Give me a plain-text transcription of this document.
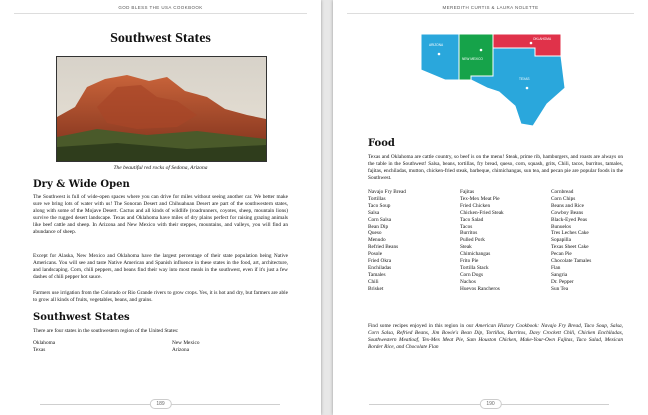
GOD BLESS THE USA COOKBOOK
Southwest States
The beautiful red rocks of Sedona, Arizona
Dry & Wide Open

The Southwest is full of wide-open spaces where you can drive for miles without seeing another car. We better make sure we bring lots of water with us! The Sonoran Desert and Chihuahuan Desert are part of the southwestern states, along with some of the Mojave Desert. Cactus and all kinds of wildlife (roadrunners, coyotes, sheep, mountain lions) survive the rugged desert landscape. Texas and Oklahoma have miles of dry plains perfect for raising grazing animals like beef cattle and sheep. In Arizona and New Mexico with their steppes, mountains, and valleys, you will find an abundance of sheep.

Except for Alaska, New Mexico and Oklahoma have the largest percentage of their state population being Native Americans. You will see and taste Native American and Spanish influence in these states in the food, art, architecture, and landscaping. Corn, chili peppers, and beans find their way into most meals in the southwest, even if it's just a few dashes of chili pepper hot sauce.

Farmers use irrigation from the Colorado or Rio Grande rivers to grow crops. Yes, it is hot and dry, but farmers are able to grow all kinds of fruits, vegetables, beans, and grains.

Southwest States

There are four states in the southwestern region of the United States:

Oklahoma
Texas
New Mexico
Arizona
189
MEREDITH CURTIS & LAURA NOLETTE
ARIZONA
NEW MEXICO
OKLAHOMA
TEXAS
Food

Texas and Oklahoma are cattle country, so beef is on the menu! Steak, prime rib, hamburgers, and roasts are always on the table in the Southwest! Salsa, beans, tortillas, fry bread, queso, corn, squash, grits, Chili, tacos, burritos, tamales, fajitas, enchiladas, mutton, chicken-fried steak, barbeque, chimichangas, sun tea, and pecan pie are popular foods in the Southwest.

Navajo Fry Bread
Tortillas
Taco Soup
Salsa
Corn Salsa
Bean Dip
Queso
Menudo
Refried Beans
Posole
Fried Okra
Enchiladas
Tamales
Chili
Brisket
Fajitas
Tex-Mex Meat Pie
Fried Chicken
Chicken-Fried Steak
Taco Salad
Tacos
Burritos
Pulled Pork
Steak
Chimichangas
Frito Pie
Tortilla Stack
Corn Dogs
Nachos
Huevos Rancheros
Cornbread
Corn Chips
Beans and Rice
Cowboy Beans
Black-Eyed Peas
Bunuelos
Tres Leches Cake
Sopapilla
Texas Sheet Cake
Pecan Pie
Chocolate Tamales
Flan
Sangria
Dr. Pepper
Sun Tea

Find some recipes enjoyed in this region in our American History Cookbook: Navajo Fry Bread, Taco Soup, Salsa, Corn Salsa, Refried Beans, Jim Bowie's Bean Dip, Tortillas, Burritos, Davy Crockett Chili, Chicken Enchiladas, Southwestern Meatloaf, Tex-Mex Meat Pie, Sam Houston Chicken, Make-Your-Own Fajitas, Taco Salad, Mexican Border Rice, and Chocolate Flan

190
